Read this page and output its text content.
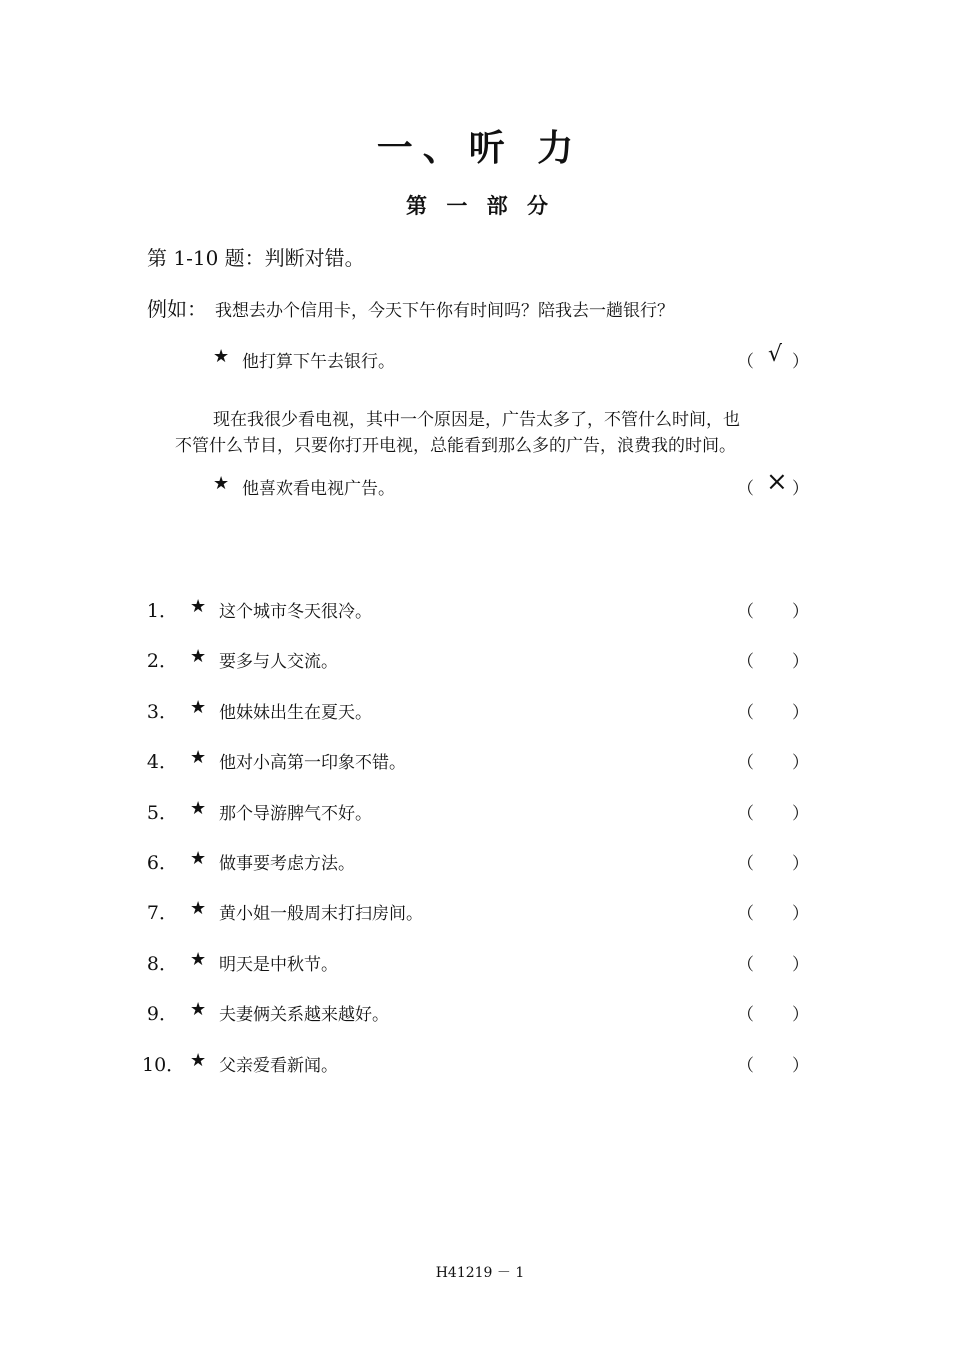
一、听 力
第 一 部 分
第 1-10 题：判断对错。
例如： 我想去办个信用卡，今天下午你有时间吗？陪我去一趟银行？
★ 他打算下午去银行。	（ √ ）
现在我很少看电视，其中一个原因是，广告太多了，不管什么时间，也
不管什么节目，只要你打开电视，总能看到那么多的广告，浪费我的时间。
★ 他喜欢看电视广告。	（ × ）
1． ★ 这个城市冬天很冷。	（ ）
2． ★ 要多与人交流。	（ ）
3． ★ 他妹妹出生在夏天。	（ ）
4． ★ 他对小高第一印象不错。	（ ）
5． ★ 那个导游脾气不好。	（ ）
6． ★ 做事要考虑方法。	（ ）
7． ★ 黄小姐一般周末打扫房间。	（ ）
8． ★ 明天是中秋节。	（ ）
9． ★ 夫妻俩关系越来越好。	（ ）
10． ★ 父亲爱看新闻。	（ ）
H41219 － 1
